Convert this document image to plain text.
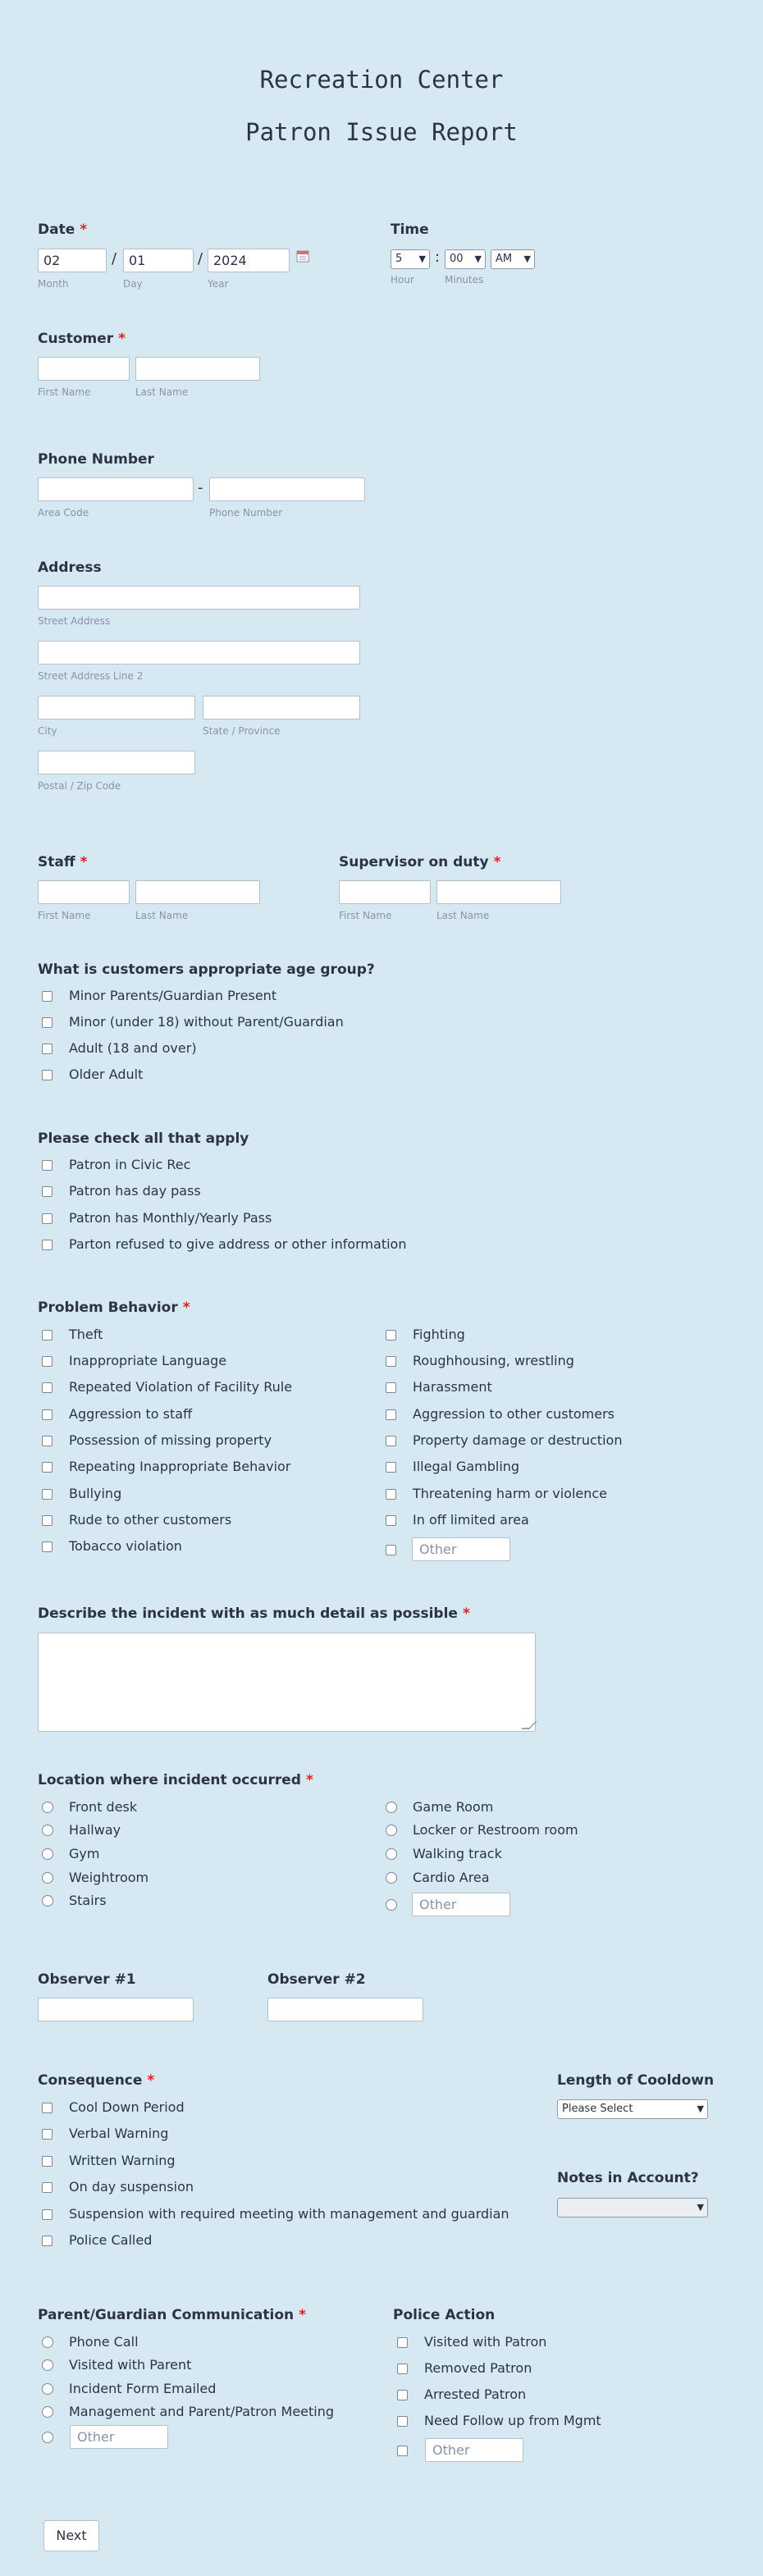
Recreation Center
Patron Issue Report
Date *
02	/ 01	/ 2024
Month	Day	Year
Time
5 ▼ : 00 ▼	AM ▼
Hour	Minutes
Customer *
First Name	Last Name
Phone Number
-
Area Code	Phone Number
Address
Street Address
Street Address Line 2
City	State / Province
Postal / Zip Code
Staff *
First Name	Last Name
Supervisor on duty *
First Name	Last Name
What is customers appropriate age group?
Minor Parents/Guardian Present
Minor (under 18) without Parent/Guardian
Adult (18 and over)
Older Adult
Please check all that apply
Patron in Civic Rec
Patron has day pass
Patron has Monthly/Yearly Pass
Parton refused to give address or other information
Problem Behavior *
Theft
Inappropriate Language
Repeated Violation of Facility Rule
Aggression to staff
Possession of missing property
Repeating Inappropriate Behavior
Bullying
Rude to other customers
Tobacco violation
Fighting
Roughhousing, wrestling
Harassment
Aggression to other customers
Property damage or destruction
Illegal Gambling
Threatening harm or violence
In off limited area
Other
Describe the incident with as much detail as possible *
Location where incident occurred *
Front desk
Hallway
Gym
Weightroom
Stairs
Game Room
Locker or Restroom room
Walking track
Cardio Area
Other
Observer #1	Observer #2
Consequence *
Cool Down Period
Verbal Warning
Written Warning
On day suspension
Suspension with required meeting with management and guardian
Police Called
Length of Cooldown
Please Select	▼
Notes in Account?
▼
Parent/Guardian Communication *
Phone Call
Visited with Parent
Incident Form Emailed
Management and Parent/Patron Meeting
Other
Police Action
Visited with Patron
Removed Patron
Arrested Patron
Need Follow up from Mgmt
Other
Next
